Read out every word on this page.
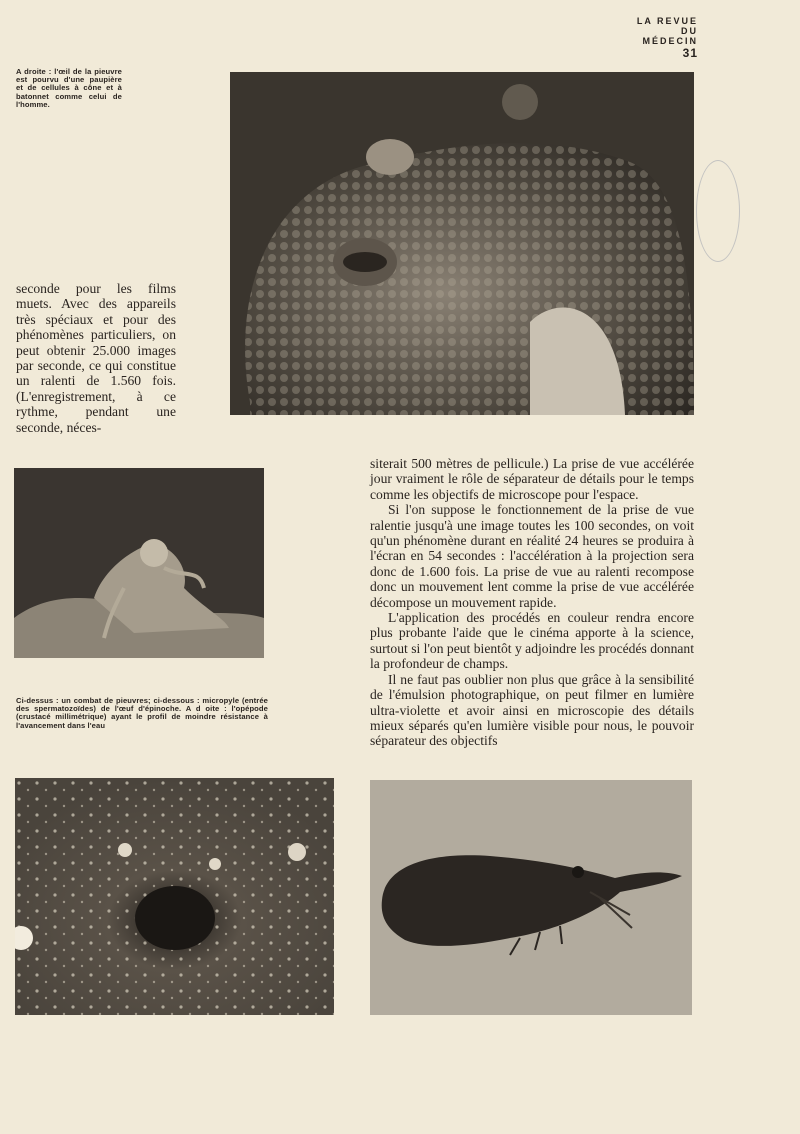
LA REVUE
DU
MÉDECIN
31
A droite : l'œil de la pieuvre est pourvu d'une paupière et de cellules à cône et à batonnet comme celui de l'homme.
seconde pour les films muets. Avec des appareils très spéciaux et pour des phénomènes particuliers, on peut obtenir 25.000 images par seconde, ce qui constitue un ralenti de 1.560 fois. (L'enregistrement, à ce rythme, pendant une seconde, néces-
Ci-dessus : un combat de pieuvres; ci-dessous : micropyle (entrée des spermatozoïdes) de l'œuf d'épinoche. A d oite : l'opépode (crustacé millimétrique) ayant le profil de moindre résistance à l'avancement dans l'eau

siterait 500 mètres de pellicule.) La prise de vue accélérée jour vraiment le rôle de séparateur de détails pour le temps comme les objectifs de microscope pour l'espace.

Si l'on suppose le fonctionnement de la prise de vue ralentie jusqu'à une image toutes les 100 secondes, on voit qu'un phénomène durant en réalité 24 heures se produira à l'écran en 54 secondes : l'accélération à la projection sera donc de 1.600 fois. La prise de vue au ralenti recompose donc un mouvement lent comme la prise de vue accélérée décompose un mouvement rapide.

L'application des procédés en couleur rendra encore plus probante l'aide que le cinéma apporte à la science, surtout si l'on peut bientôt y adjoindre les procédés donnant la profondeur de champs.

Il ne faut pas oublier non plus que grâce à la sensibilité de l'émulsion photographique, on peut filmer en lumière ultra-violette et avoir ainsi en microscopie des détails mieux séparés qu'en lumière visible pour nous, le pouvoir séparateur des objectifs
